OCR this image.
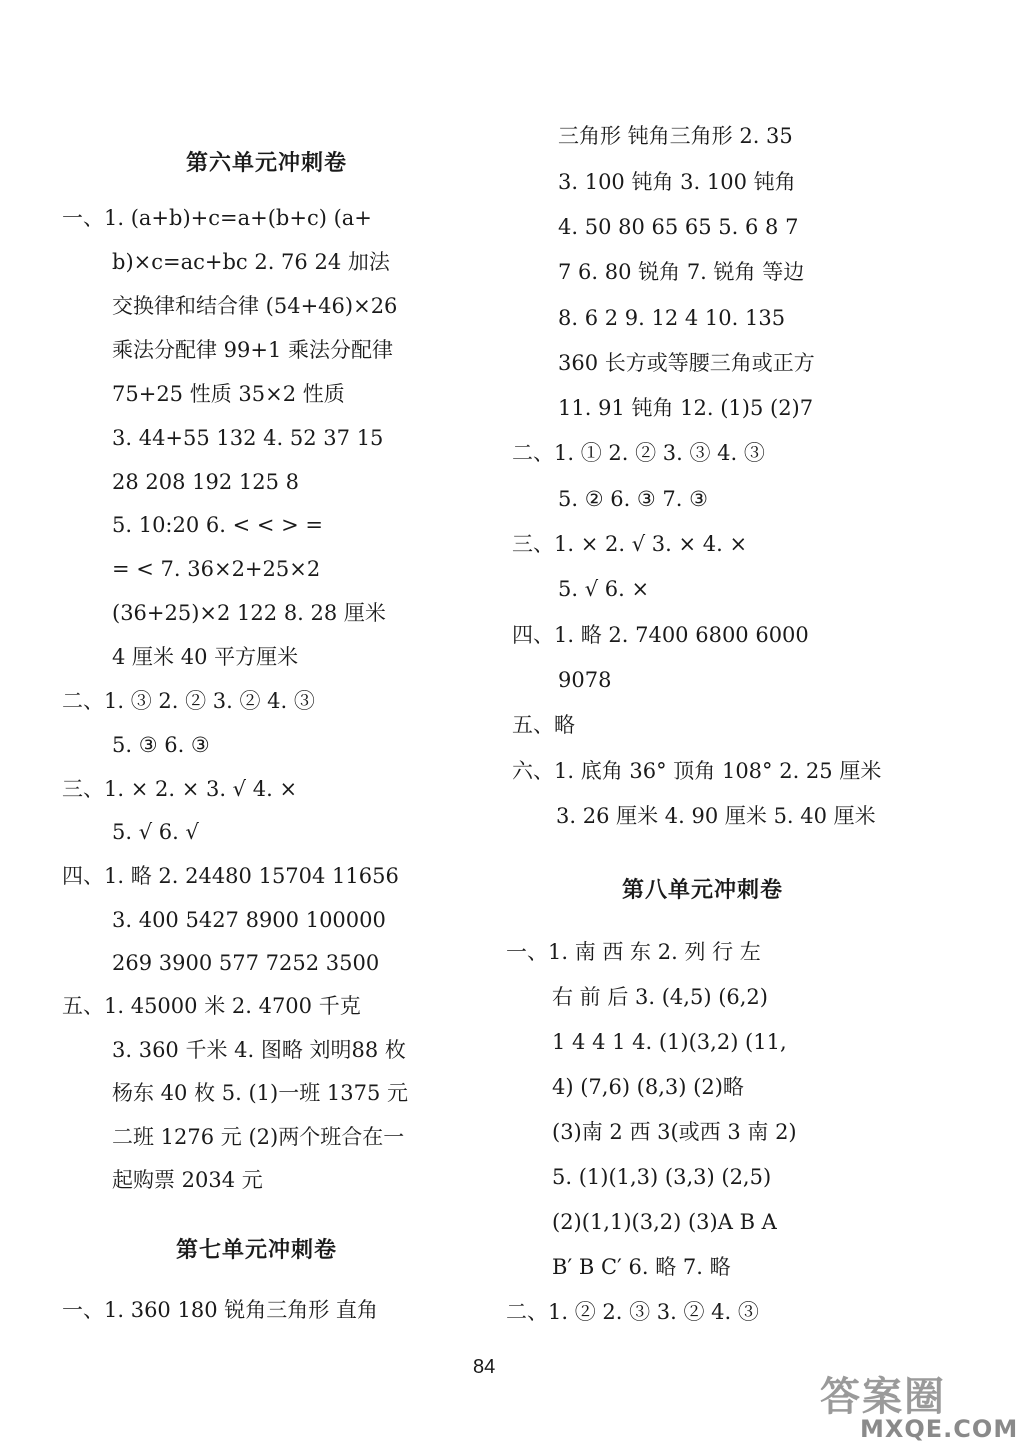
第六单元冲刺卷
一、1. (a+b)+c=a+(b+c) (a+
b)×c=ac+bc 2. 76 24 加法
交换律和结合律 (54+46)×26
乘法分配律 99+1 乘法分配律
75+25 性质 35×2 性质
3. 44+55 132 4. 52 37 15
28 208 192 125 8
5. 10:20 6. < < > =
= < 7. 36×2+25×2
(36+25)×2 122 8. 28 厘米
4 厘米 40 平方厘米
二、1. ③ 2. ② 3. ② 4. ③
5. ③ 6. ③
三、1. × 2. × 3. √ 4. ×
5. √ 6. √
四、1. 略 2. 24480 15704 11656
3. 400 5427 8900 100000
269 3900 577 7252 3500
五、1. 45000 米 2. 4700 千克
3. 360 千米 4. 图略 刘明88 枚
杨东 40 枚 5. (1)一班 1375 元
二班 1276 元 (2)两个班合在一
起购票 2034 元
第七单元冲刺卷
一、1. 360 180 锐角三角形 直角
三角形 钝角三角形 2. 35
3. 100 钝角 3. 100 钝角
4. 50 80 65 65 5. 6 8 7
7 6. 80 锐角 7. 锐角 等边
8. 6 2 9. 12 4 10. 135
360 长方或等腰三角或正方
11. 91 钝角 12. (1)5 (2)7
二、1. ① 2. ② 3. ③ 4. ③
5. ② 6. ③ 7. ③
三、1. × 2. √ 3. × 4. ×
5. √ 6. ×
四、1. 略 2. 7400 6800 6000
9078
五、略
六、1. 底角 36° 顶角 108° 2. 25 厘米
3. 26 厘米 4. 90 厘米 5. 40 厘米
第八单元冲刺卷
一、1. 南 西 东 2. 列 行 左
右 前 后 3. (4,5) (6,2)
1 4 4 1 4. (1)(3,2) (11,
4) (7,6) (8,3) (2)略
(3)南 2 西 3(或西 3 南 2)
5. (1)(1,3) (3,3) (2,5)
(2)(1,1)(3,2) (3)A B A
B′ B C′ 6. 略 7. 略
二、1. ② 2. ③ 3. ② 4. ③
84
答案圈
MXQE.COM
